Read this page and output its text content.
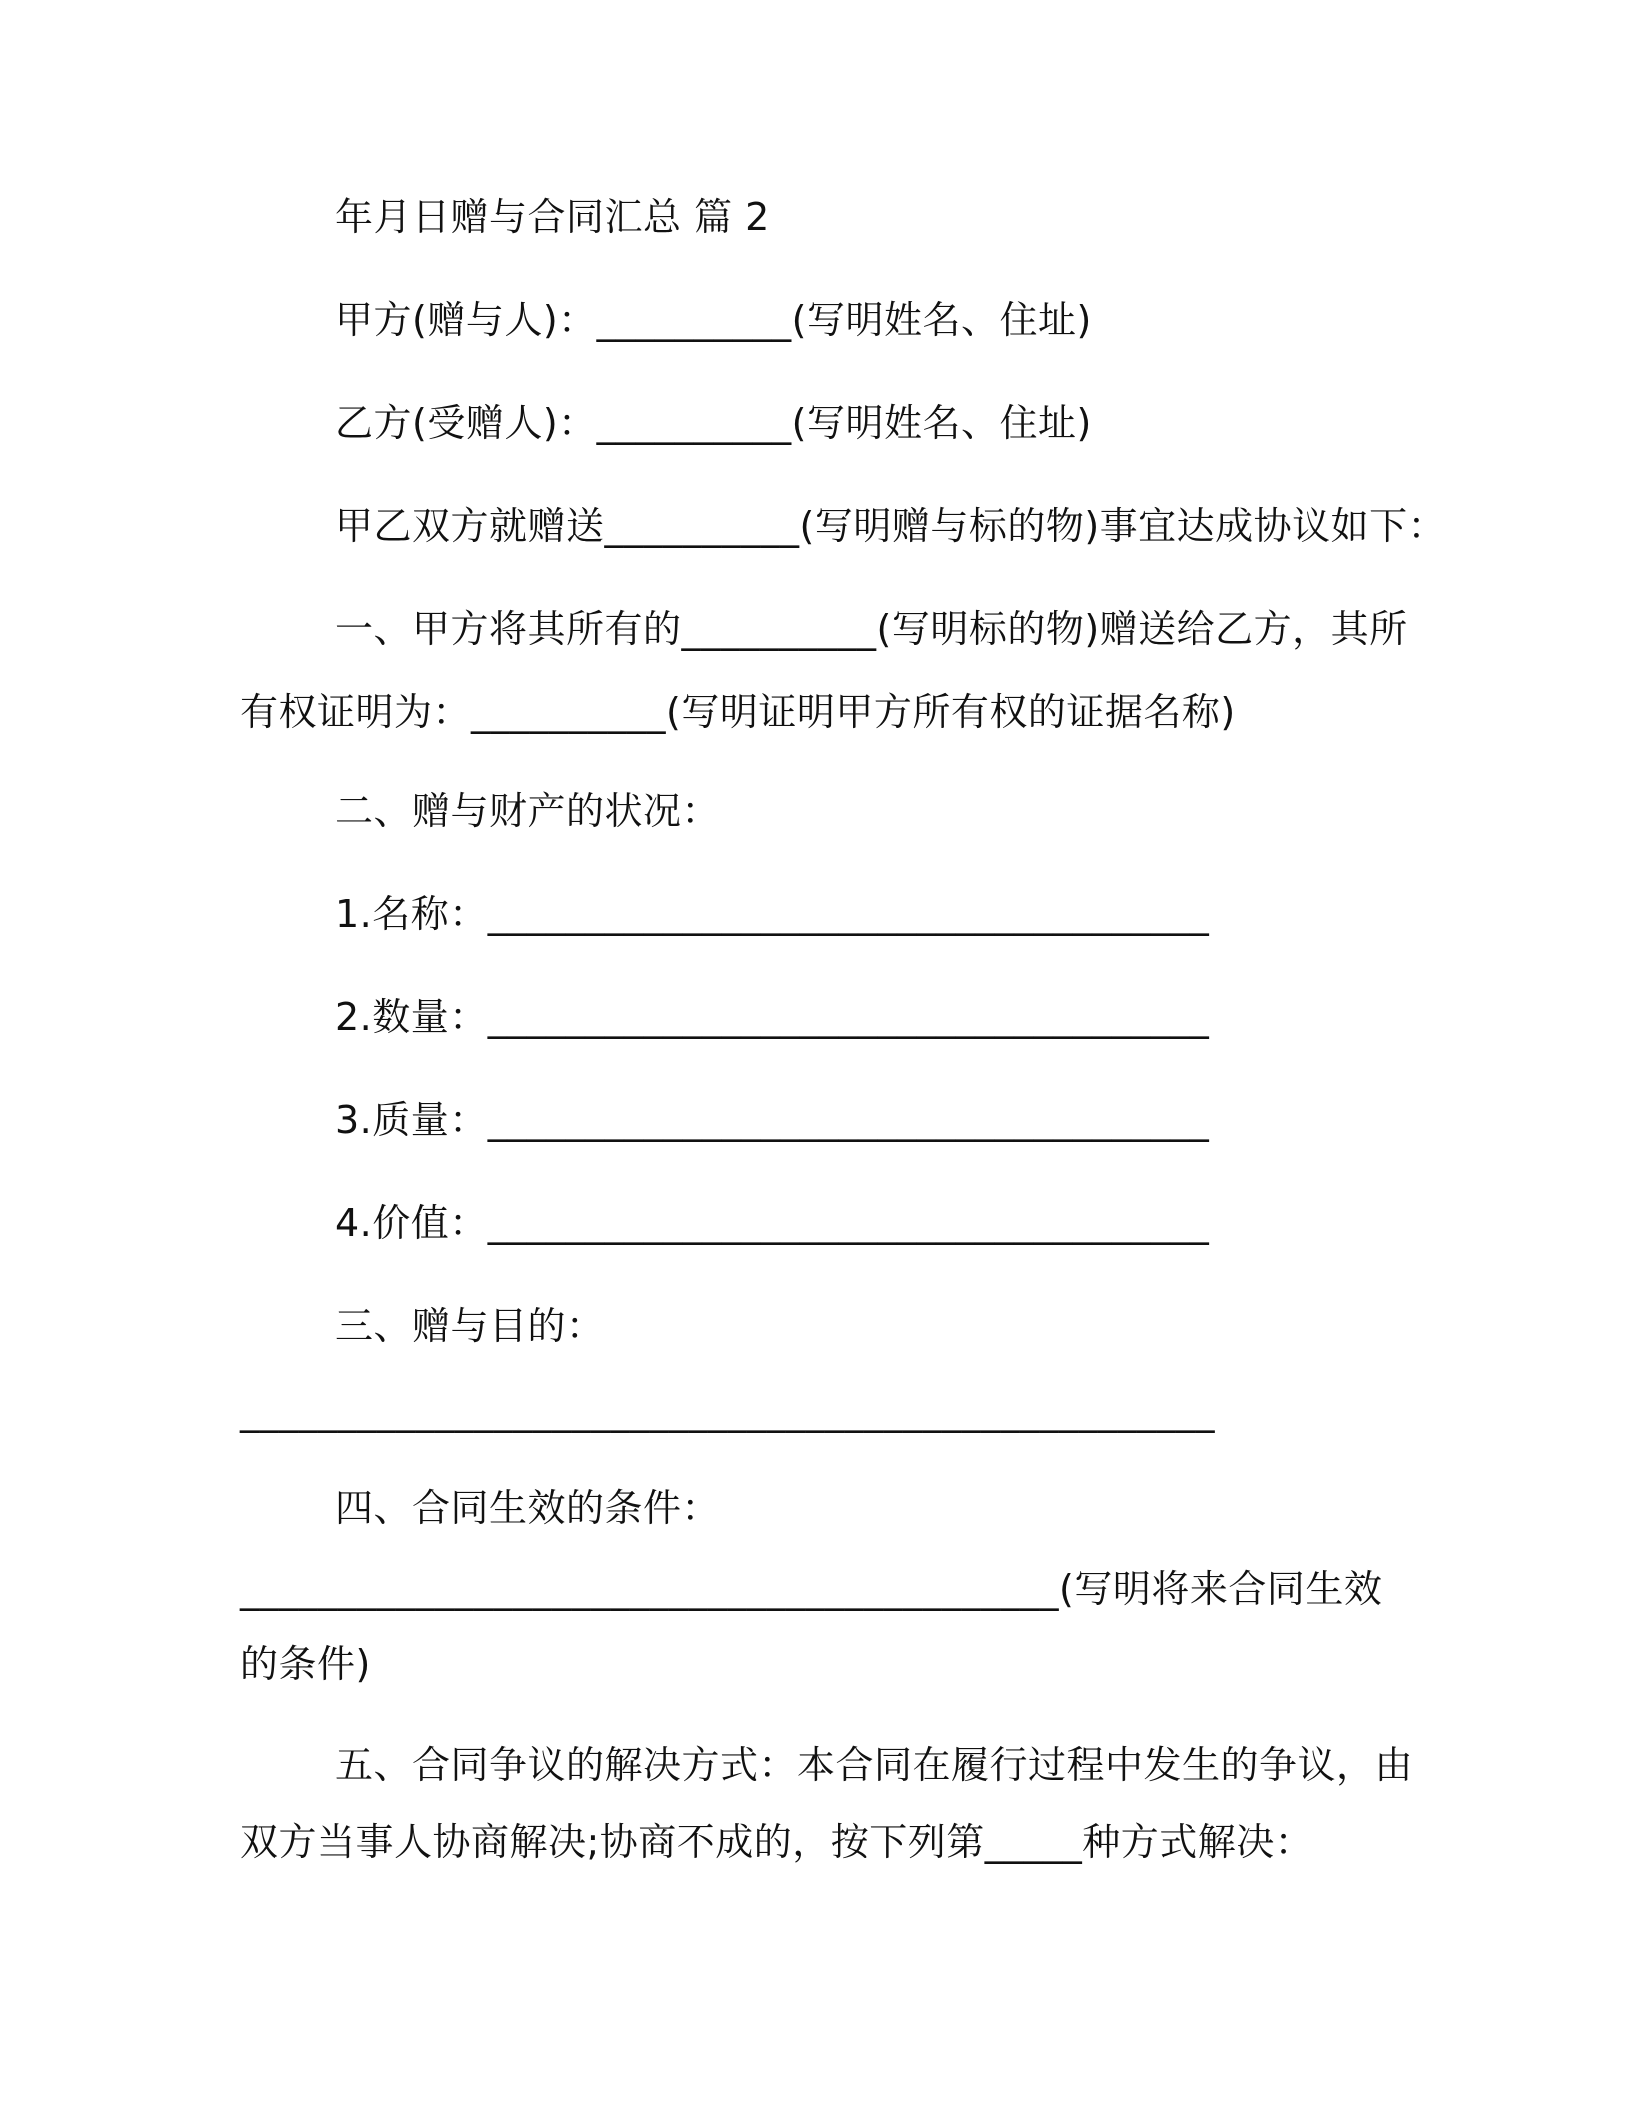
年月日赠与合同汇总 篇 2
甲方(赠与人)：__________(写明姓名、住址)
乙方(受赠人)：__________(写明姓名、住址)
甲乙双方就赠送__________(写明赠与标的物)事宜达成协议如下：
一、甲方将其所有的__________(写明标的物)赠送给乙方，其所
有权证明为：__________(写明证明甲方所有权的证据名称)
二、赠与财产的状况：
1.名称：_____________________________________
2.数量：_____________________________________
3.质量：_____________________________________
4.价值：_____________________________________
三、赠与目的：
__________________________________________________
四、合同生效的条件：
__________________________________________(写明将来合同生效
的条件)
五、合同争议的解决方式：本合同在履行过程中发生的争议，由
双方当事人协商解决;协商不成的，按下列第_____种方式解决：
